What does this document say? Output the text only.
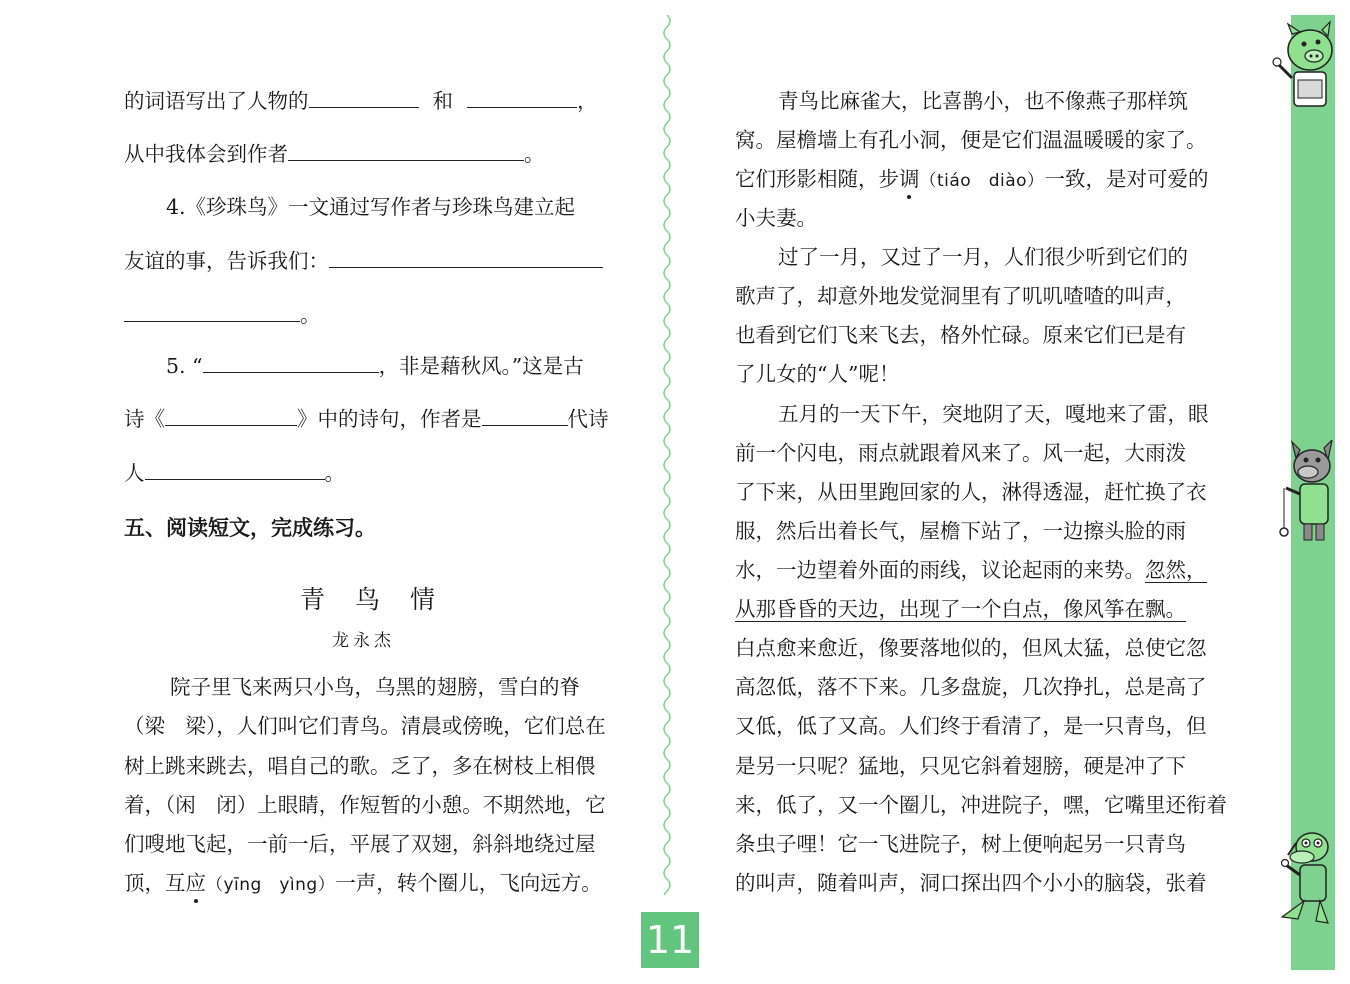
的词语写出了人物的	和	，
从中我体会到作者	。
4.《珍珠鸟》一文通过写作者与珍珠鸟建立起
友谊的事，告诉我们：
。
5. “	，非是藉秋风。”这是古
诗《	》中的诗句，作者是	代诗
人	。
五、阅读短文，完成练习。
青鸟情
龙永杰
院子里飞来两只小鸟，乌黑的翅膀，雪白的脊
（梁　梁），人们叫它们青鸟。清晨或傍晚，它们总在
树上跳来跳去，唱自己的歌。乏了，多在树枝上相偎
着，（闲　闭）上眼睛，作短暂的小憩。不期然地，它
们嗖地飞起，一前一后，平展了双翅，斜斜地绕过屋
顶，互应（yīng　yìng）一声，转个圈儿，飞向远方。
11
青鸟比麻雀大，比喜鹊小，也不像燕子那样筑
窝。屋檐墙上有孔小洞，便是它们温温暖暖的家了。
它们形影相随，步调（tiáo　diào）一致，是对可爱的
小夫妻。
过了一月，又过了一月，人们很少听到它们的
歌声了，却意外地发觉洞里有了叽叽喳喳的叫声，
也看到它们飞来飞去，格外忙碌。原来它们已是有
了儿女的“人”呢！
五月的一天下午，突地阴了天，嘎地来了雷，眼
前一个闪电，雨点就跟着风来了。风一起，大雨泼
了下来，从田里跑回家的人，淋得透湿，赶忙换了衣
服，然后出着长气，屋檐下站了，一边擦头脸的雨
水，一边望着外面的雨线，议论起雨的来势。忽然，
从那昏昏的天边，出现了一个白点，像风筝在飘。
白点愈来愈近，像要落地似的，但风太猛，总使它忽
高忽低，落不下来。几多盘旋，几次挣扎，总是高了
又低，低了又高。人们终于看清了，是一只青鸟，但
是另一只呢？猛地，只见它斜着翅膀，硬是冲了下
来，低了，又一个圈儿，冲进院子，嘿，它嘴里还衔着
条虫子哩！它一飞进院子，树上便响起另一只青鸟
的叫声，随着叫声，洞口探出四个小小的脑袋，张着
